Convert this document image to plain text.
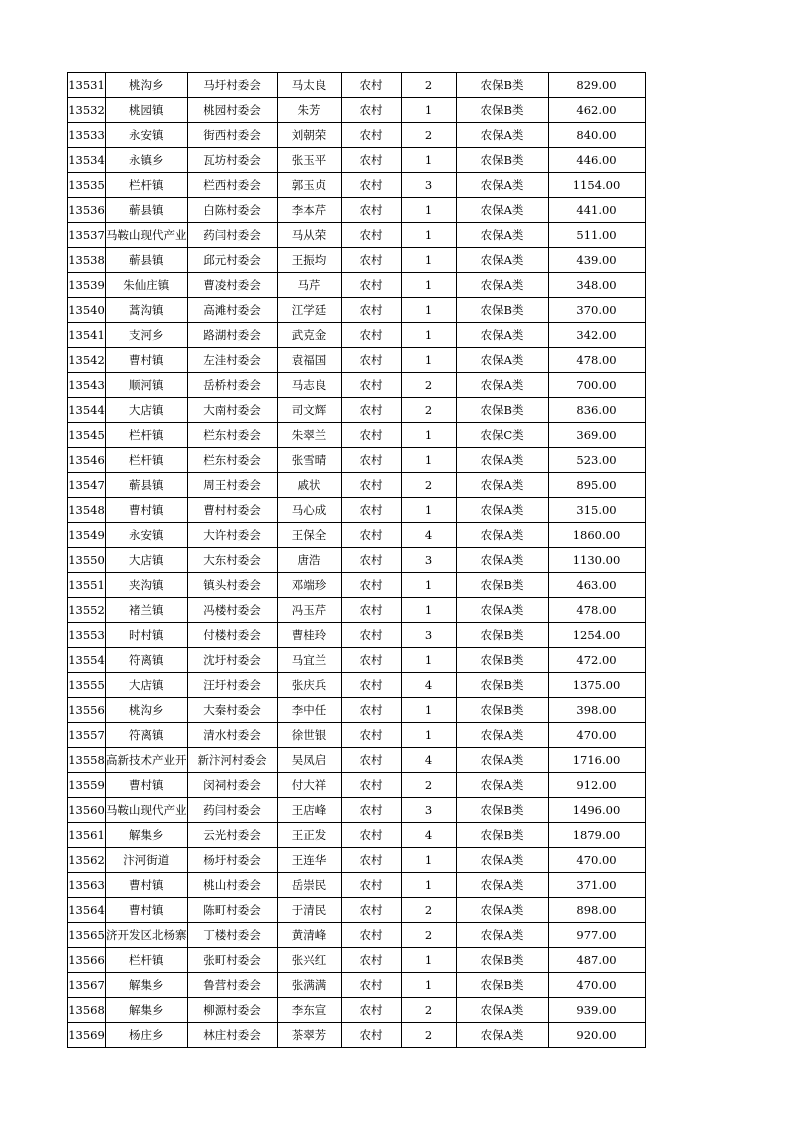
13531	桃沟乡	马圩村委会	马太良	农村	2	农保B类	829.00
13532	桃园镇	桃园村委会	朱芳	农村	1	农保B类	462.00
13533	永安镇	街西村委会	刘朝荣	农村	2	农保A类	840.00
13534	永镇乡	瓦坊村委会	张玉平	农村	1	农保B类	446.00
13535	栏杆镇	栏西村委会	郭玉贞	农村	3	农保A类	1154.00
13536	蕲县镇	白陈村委会	李本芹	农村	1	农保A类	441.00
13537	马鞍山现代产业	药闫村委会	马从荣	农村	1	农保A类	511.00
13538	蕲县镇	邱元村委会	王振均	农村	1	农保A类	439.00
13539	朱仙庄镇	曹凌村委会	马芹	农村	1	农保A类	348.00
13540	蒿沟镇	高滩村委会	江学廷	农村	1	农保B类	370.00
13541	支河乡	路湖村委会	武克金	农村	1	农保A类	342.00
13542	曹村镇	左洼村委会	袁福国	农村	1	农保A类	478.00
13543	顺河镇	岳桥村委会	马志良	农村	2	农保A类	700.00
13544	大店镇	大南村委会	司文辉	农村	2	农保B类	836.00
13545	栏杆镇	栏东村委会	朱翠兰	农村	1	农保C类	369.00
13546	栏杆镇	栏东村委会	张雪晴	农村	1	农保A类	523.00
13547	蕲县镇	周王村委会	戚状	农村	2	农保A类	895.00
13548	曹村镇	曹村村委会	马心成	农村	1	农保A类	315.00
13549	永安镇	大许村委会	王保全	农村	4	农保A类	1860.00
13550	大店镇	大东村委会	唐浩	农村	3	农保A类	1130.00
13551	夹沟镇	镇头村委会	邓端珍	农村	1	农保B类	463.00
13552	褚兰镇	冯楼村委会	冯玉芹	农村	1	农保A类	478.00
13553	时村镇	付楼村委会	曹桂玲	农村	3	农保B类	1254.00
13554	符离镇	沈圩村委会	马宜兰	农村	1	农保B类	472.00
13555	大店镇	汪圩村委会	张庆兵	农村	4	农保B类	1375.00
13556	桃沟乡	大秦村委会	李中任	农村	1	农保B类	398.00
13557	符离镇	清水村委会	徐世银	农村	1	农保A类	470.00
13558	高新技术产业开	新汴河村委会	吴凤启	农村	4	农保A类	1716.00
13559	曹村镇	闵祠村委会	付大祥	农村	2	农保A类	912.00
13560	马鞍山现代产业	药闫村委会	王店峰	农村	3	农保B类	1496.00
13561	解集乡	云光村委会	王正发	农村	4	农保B类	1879.00
13562	汴河街道	杨圩村委会	王连华	农村	1	农保A类	470.00
13563	曹村镇	桃山村委会	岳崇民	农村	1	农保A类	371.00
13564	曹村镇	陈町村委会	于清民	农村	2	农保A类	898.00
13565	济开发区北杨寨	丁楼村委会	黄清峰	农村	2	农保A类	977.00
13566	栏杆镇	张町村委会	张兴红	农村	1	农保B类	487.00
13567	解集乡	鲁营村委会	张满满	农村	1	农保B类	470.00
13568	解集乡	柳源村委会	李东宣	农村	2	农保A类	939.00
13569	杨庄乡	林庄村委会	茶翠芳	农村	2	农保A类	920.00
